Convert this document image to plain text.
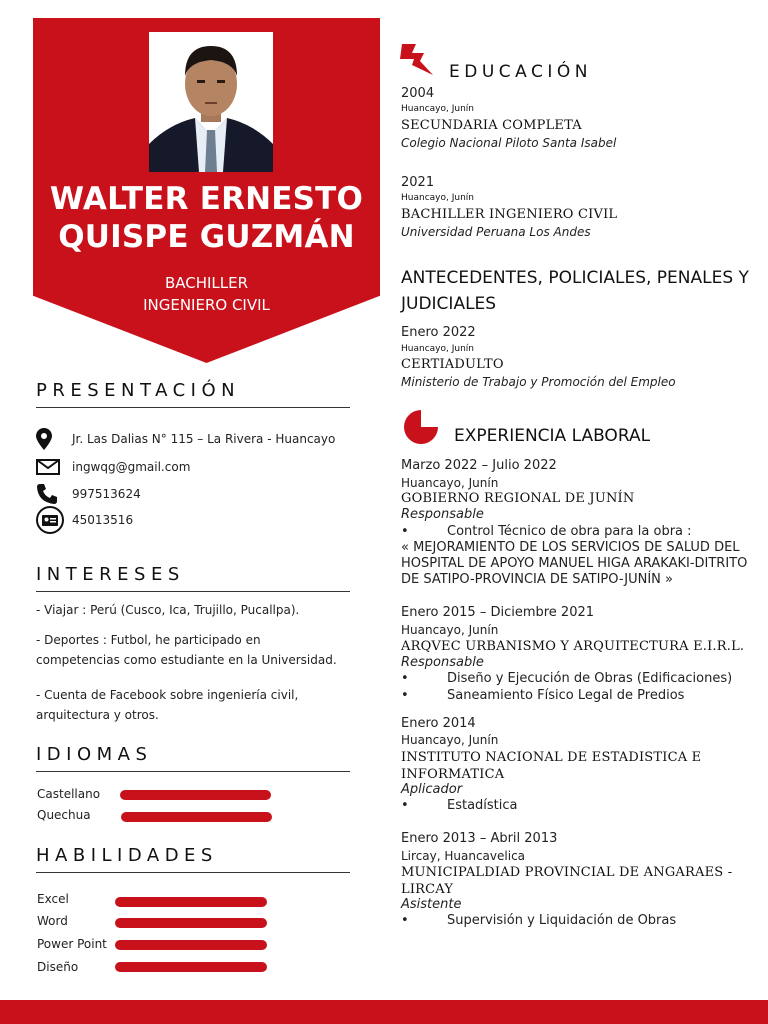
WALTER ERNESTO
QUISPE GUZMÁN
BACHILLER
INGENIERO CIVIL
PRESENTACIÓN
Jr. Las Dalias N° 115 – La Rivera - Huancayo
ingwqg@gmail.com
997513624
45013516
INTERESES
- Viajar : Perú (Cusco, Ica, Trujillo, Pucallpa).
- Deportes : Futbol, he participado en competencias como estudiante en la Universidad.
- Cuenta de Facebook sobre ingeniería civil, arquitectura y otros.
IDIOMAS
Castellano
Quechua
HABILIDADES
Excel
Word
Power Point
Diseño
EDUCACIÓN
2004
Huancayo, Junín
SECUNDARIA COMPLETA
Colegio Nacional Piloto Santa Isabel
2021
Huancayo, Junín
BACHILLER INGENIERO CIVIL
Universidad Peruana Los Andes
ANTECEDENTES, POLICIALES, PENALES Y JUDICIALES
Enero 2022
Huancayo, Junín
CERTIADULTO
Ministerio de Trabajo y Promoción del Empleo
EXPERIENCIA LABORAL
Marzo 2022 – Julio 2022
Huancayo, Junín
GOBIERNO REGIONAL DE JUNÍN
Responsable
•	Control Técnico de obra para la obra :
« MEJORAMIENTO DE LOS SERVICIOS DE SALUD DEL HOSPITAL DE APOYO MANUEL HIGA ARAKAKI-DITRITO DE SATIPO-PROVINCIA DE SATIPO-JUNÍN »
Enero 2015 – Diciembre 2021
Huancayo, Junín
ARQVEC URBANISMO Y ARQUITECTURA E.I.R.L.
Responsable
•	Diseño y Ejecución de Obras (Edificaciones)
•	Saneamiento Físico Legal de Predios
Enero 2014
Huancayo, Junín
INSTITUTO NACIONAL DE ESTADISTICA E INFORMATICA
Aplicador
•	Estadística
Enero 2013 – Abril 2013
Lircay, Huancavelica
MUNICIPALDIAD PROVINCIAL DE ANGARAES - LIRCAY
Asistente
•	Supervisión y Liquidación de Obras
